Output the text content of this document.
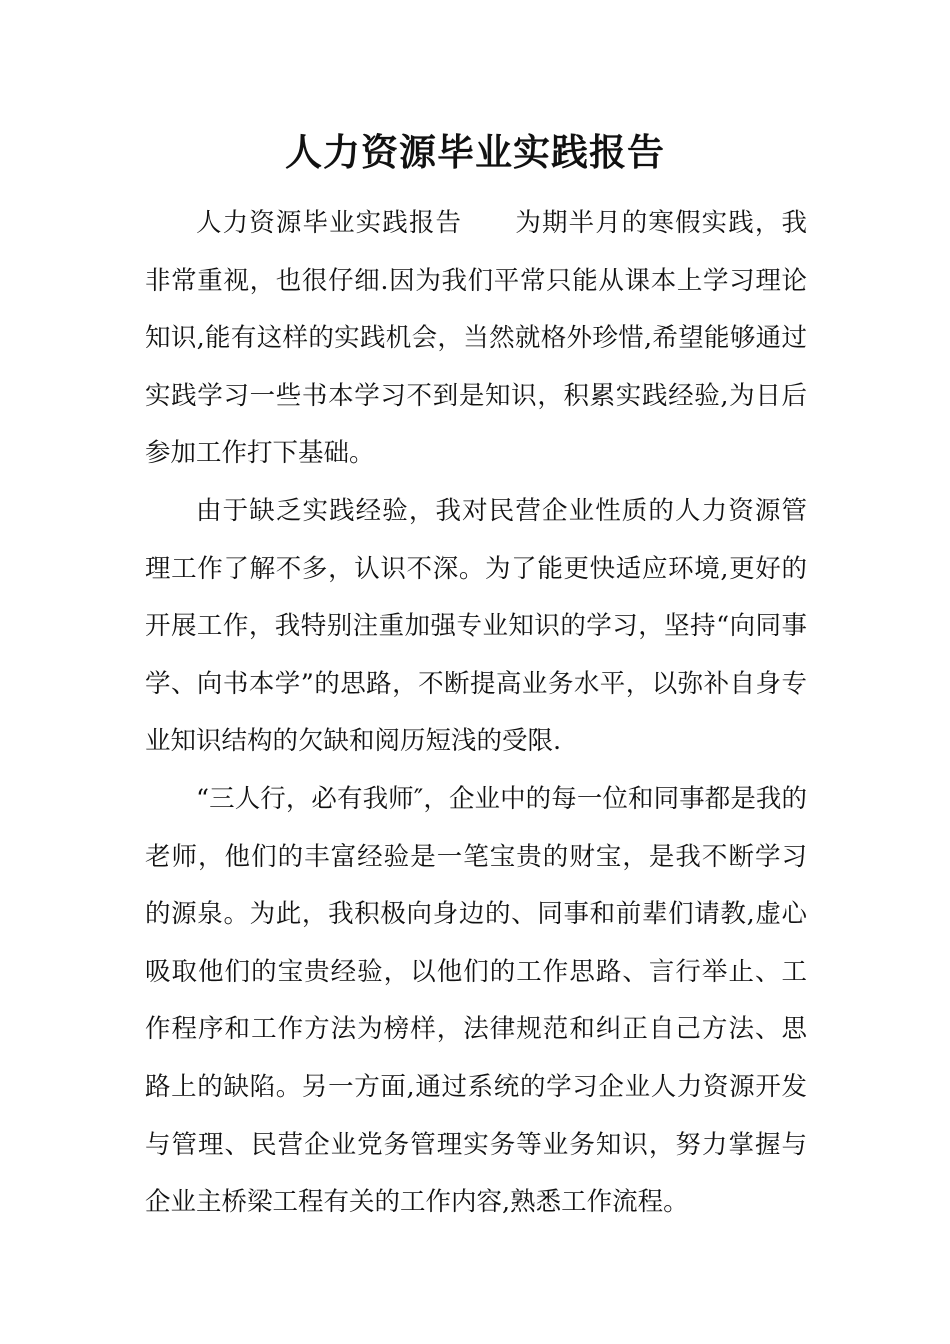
人力资源毕业实践报告

人力资源毕业实践报告　　为期半月的寒假实践，我非常重视，也很仔细.因为我们平常只能从课本上学习理论知识,能有这样的实践机会，当然就格外珍惜,希望能够通过实践学习一些书本学习不到是知识，积累实践经验,为日后参加工作打下基础。

由于缺乏实践经验，我对民营企业性质的人力资源管理工作了解不多，认识不深。为了能更快适应环境,更好的开展工作，我特别注重加强专业知识的学习，坚持“向同事学、向书本学”的思路，不断提高业务水平，以弥补自身专业知识结构的欠缺和阅历短浅的受限.

“三人行，必有我师″，企业中的每一位和同事都是我的老师，他们的丰富经验是一笔宝贵的财宝，是我不断学习的源泉。为此，我积极向身边的、同事和前辈们请教,虚心吸取他们的宝贵经验，以他们的工作思路、言行举止、工作程序和工作方法为榜样，法律规范和纠正自己方法、思路上的缺陷。另一方面,通过系统的学习企业人力资源开发与管理、民营企业党务管理实务等业务知识，努力掌握与企业主桥梁工程有关的工作内容,熟悉工作流程。
